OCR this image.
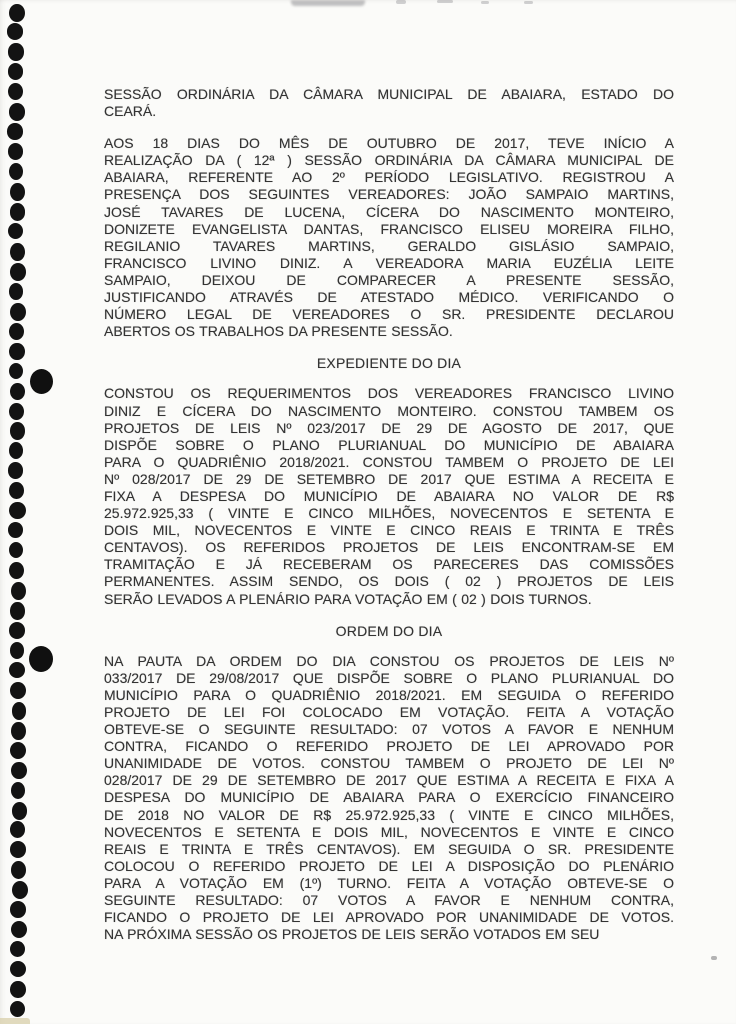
SESSÃO ORDINÁRIA DA CÂMARA MUNICIPAL DE ABAIARA, ESTADO DO
CEARÁ.
AOS 18 DIAS DO MÊS DE OUTUBRO DE 2017, TEVE INÍCIO A
REALIZAÇÃO DA ( 12ª ) SESSÃO ORDINÁRIA DA CÂMARA MUNICIPAL DE
ABAIARA, REFERENTE AO 2º PERÍODO LEGISLATIVO. REGISTROU A
PRESENÇA DOS SEGUINTES VEREADORES: JOÃO SAMPAIO MARTINS,
JOSÉ TAVARES DE LUCENA, CÍCERA DO NASCIMENTO MONTEIRO,
DONIZETE EVANGELISTA DANTAS, FRANCISCO ELISEU MOREIRA FILHO,
REGILANIO TAVARES MARTINS, GERALDO GISLÁSIO SAMPAIO,
FRANCISCO LIVINO DINIZ. A VEREADORA MARIA EUZÉLIA LEITE
SAMPAIO, DEIXOU DE COMPARECER A PRESENTE SESSÃO,
JUSTIFICANDO ATRAVÉS DE ATESTADO MÉDICO. VERIFICANDO O
NÚMERO LEGAL DE VEREADORES O SR. PRESIDENTE DECLAROU
ABERTOS OS TRABALHOS DA PRESENTE SESSÃO.
EXPEDIENTE DO DIA
CONSTOU OS REQUERIMENTOS DOS VEREADORES FRANCISCO LIVINO
DINIZ E CÍCERA DO NASCIMENTO MONTEIRO. CONSTOU TAMBEM OS
PROJETOS DE LEIS Nº 023/2017 DE 29 DE AGOSTO DE 2017, QUE
DISPÕE SOBRE O PLANO PLURIANUAL DO MUNICÍPIO DE ABAIARA
PARA O QUADRIÊNIO 2018/2021. CONSTOU TAMBEM O PROJETO DE LEI
Nº 028/2017 DE 29 DE SETEMBRO DE 2017 QUE ESTIMA A RECEITA E
FIXA A DESPESA DO MUNICÍPIO DE ABAIARA NO VALOR DE R$
25.972.925,33 ( VINTE E CINCO MILHÕES, NOVECENTOS E SETENTA E
DOIS MIL, NOVECENTOS E VINTE E CINCO REAIS E TRINTA E TRÊS
CENTAVOS). OS REFERIDOS PROJETOS DE LEIS ENCONTRAM-SE EM
TRAMITAÇÃO E JÁ RECEBERAM OS PARECERES DAS COMISSÕES
PERMANENTES. ASSIM SENDO, OS DOIS ( 02 ) PROJETOS DE LEIS
SERÃO LEVADOS A PLENÁRIO PARA VOTAÇÃO EM ( 02 ) DOIS TURNOS.
ORDEM DO DIA
NA PAUTA DA ORDEM DO DIA CONSTOU OS PROJETOS DE LEIS Nº
033/2017 DE 29/08/2017 QUE DISPÕE SOBRE O PLANO PLURIANUAL DO
MUNICÍPIO PARA O QUADRIÊNIO 2018/2021. EM SEGUIDA O REFERIDO
PROJETO DE LEI FOI COLOCADO EM VOTAÇÃO. FEITA A VOTAÇÃO
OBTEVE-SE O SEGUINTE RESULTADO: 07 VOTOS A FAVOR E NENHUM
CONTRA, FICANDO O REFERIDO PROJETO DE LEI APROVADO POR
UNANIMIDADE DE VOTOS. CONSTOU TAMBEM O PROJETO DE LEI Nº
028/2017 DE 29 DE SETEMBRO DE 2017 QUE ESTIMA A RECEITA E FIXA A
DESPESA DO MUNICÍPIO DE ABAIARA PARA O EXERCÍCIO FINANCEIRO
DE 2018 NO VALOR DE R$ 25.972.925,33 ( VINTE E CINCO MILHÕES,
NOVECENTOS E SETENTA E DOIS MIL, NOVECENTOS E VINTE E CINCO
REAIS E TRINTA E TRÊS CENTAVOS). EM SEGUIDA O SR. PRESIDENTE
COLOCOU O REFERIDO PROJETO DE LEI A DISPOSIÇÃO DO PLENÁRIO
PARA A VOTAÇÃO EM (1º) TURNO. FEITA A VOTAÇÃO OBTEVE-SE O
SEGUINTE RESULTADO: 07 VOTOS A FAVOR E NENHUM CONTRA,
FICANDO O PROJETO DE LEI APROVADO POR UNANIMIDADE DE VOTOS.
NA PRÓXIMA SESSÃO OS PROJETOS DE LEIS SERÃO VOTADOS EM SEU
